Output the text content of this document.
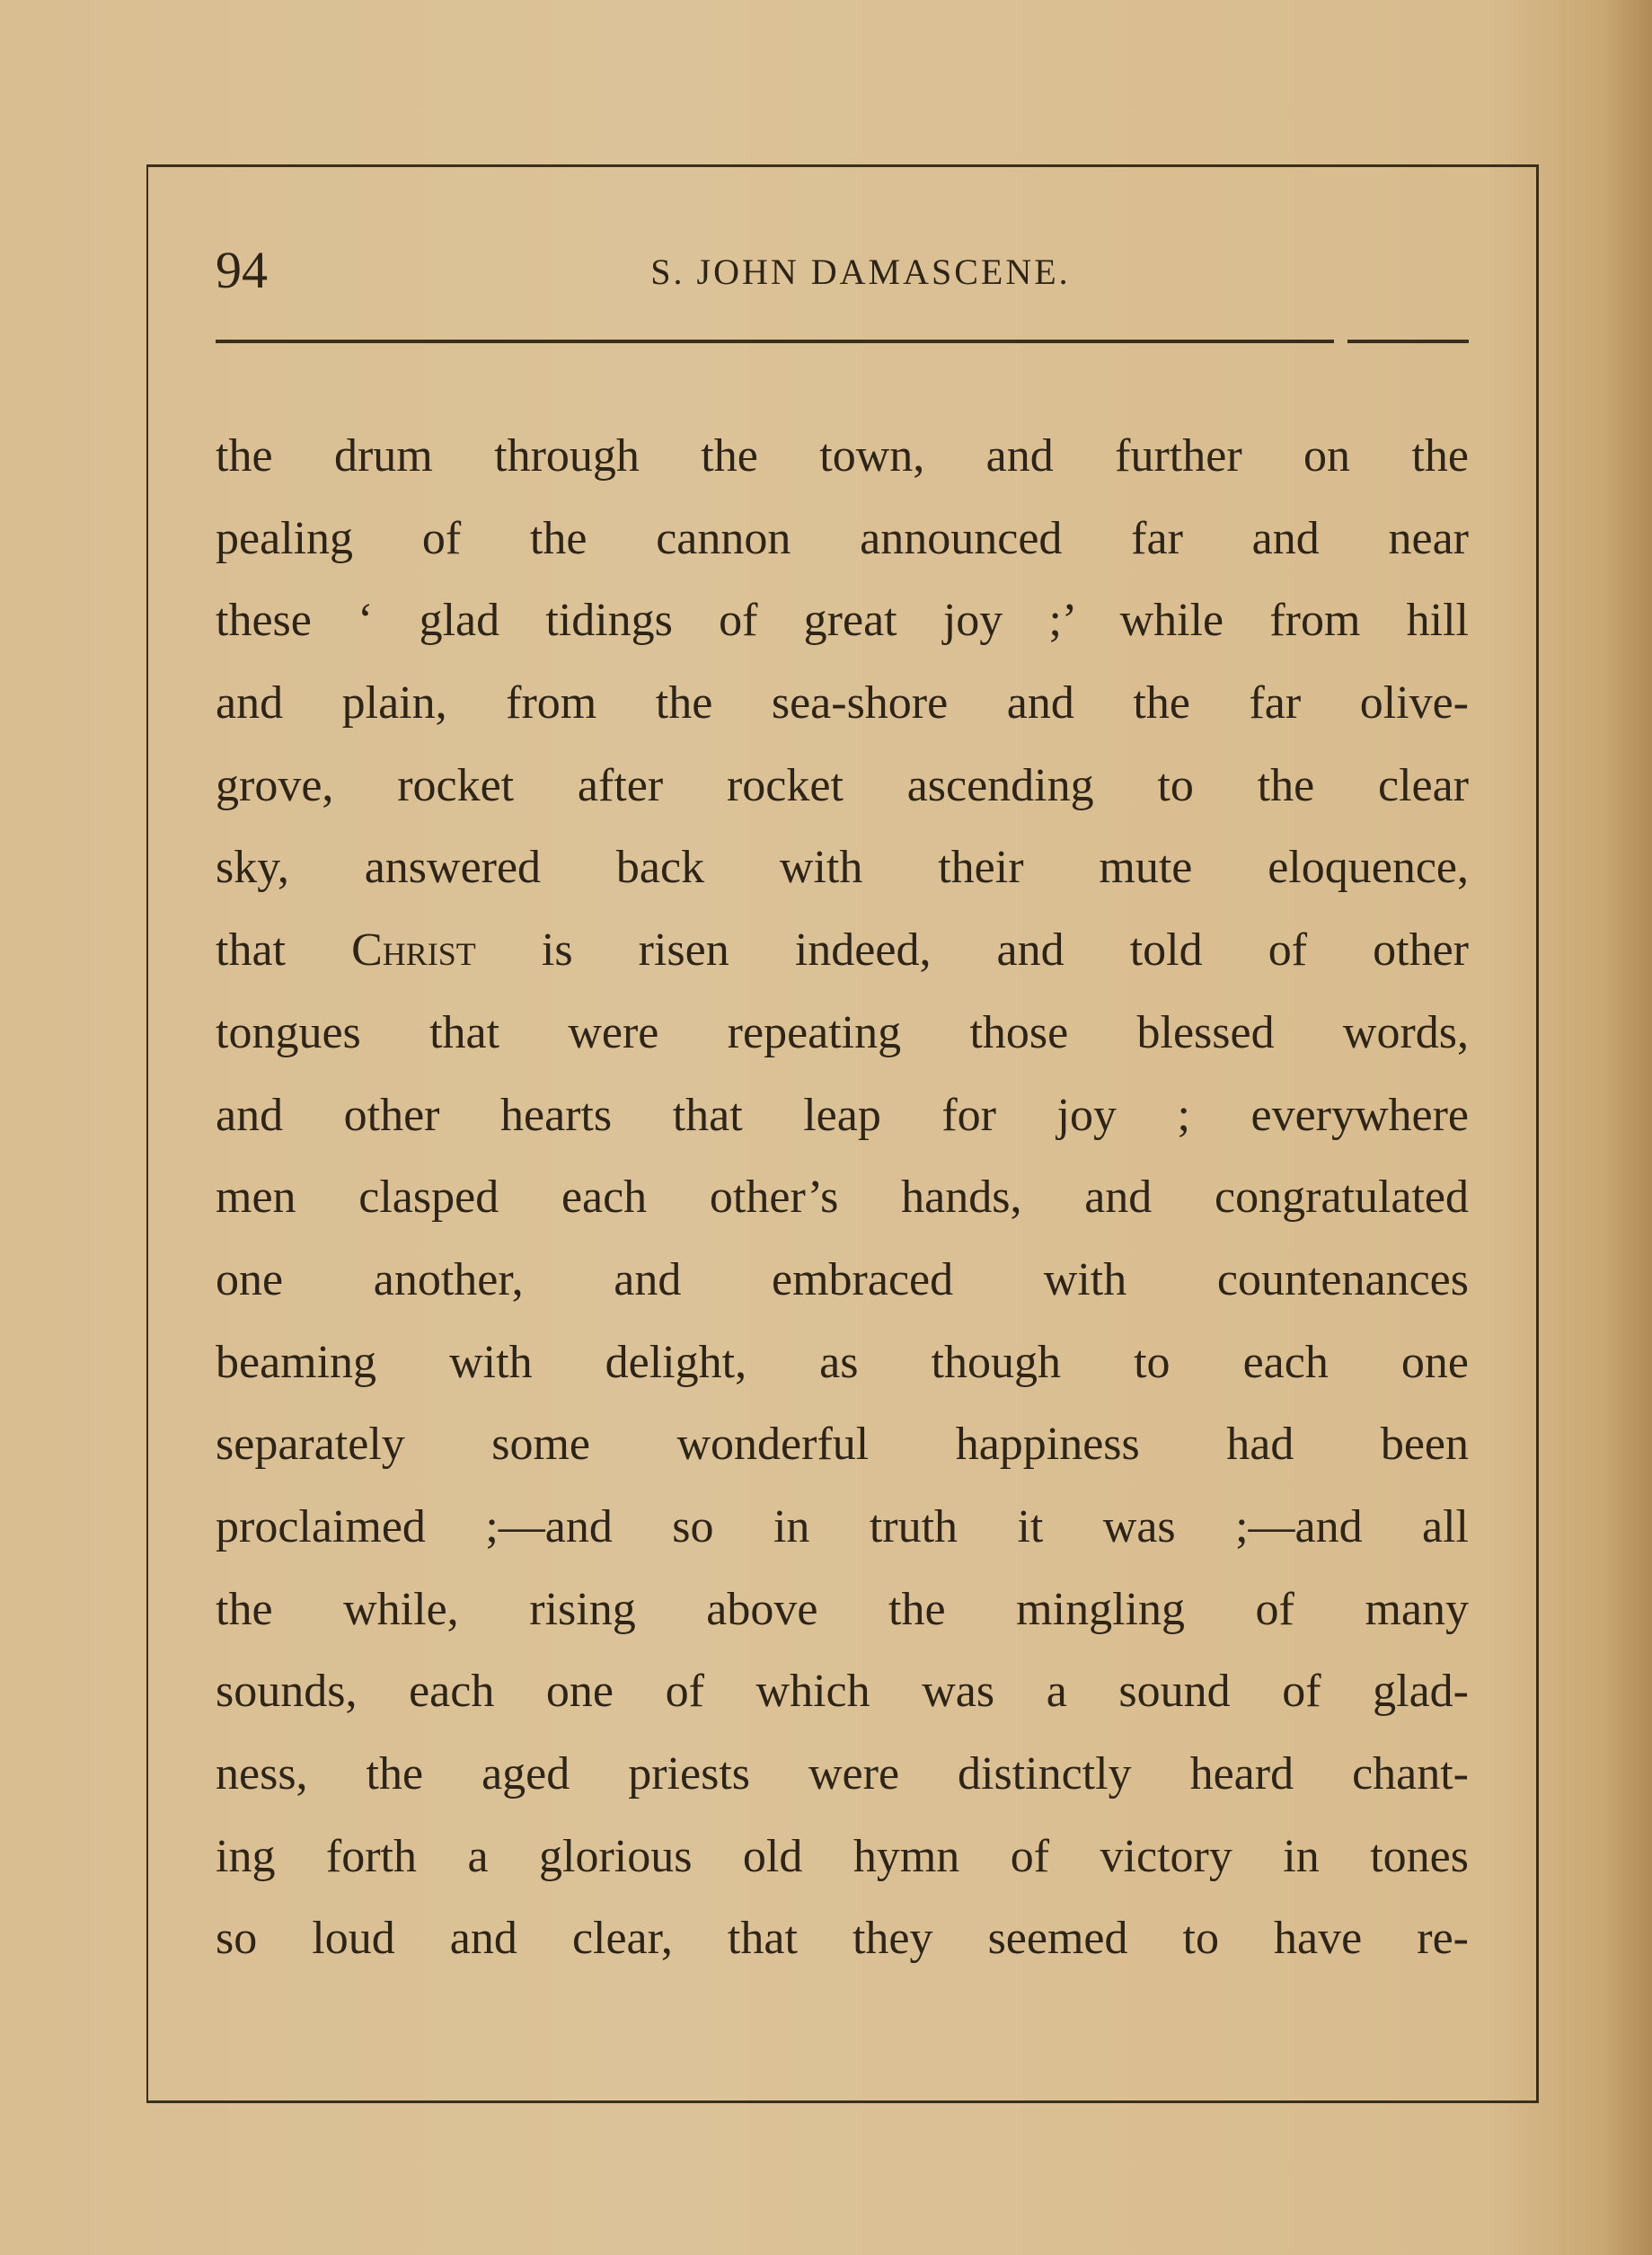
94	S. JOHN DAMASCENE.
the drum through the town, and further on the
pealing of the cannon announced far and near
these ‘ glad tidings of great joy ;’ while from hill
and plain, from the sea-shore and the far olive-
grove, rocket after rocket ascending to the clear
sky, answered back with their mute eloquence,
that Christ is risen indeed, and told of other
tongues that were repeating those blessed words,
and other hearts that leap for joy ; everywhere
men clasped each other’s hands, and congratulated
one another, and embraced with countenances
beaming with delight, as though to each one
separately some wonderful happiness had been
proclaimed ;—and so in truth it was ;—and all
the while, rising above the mingling of many
sounds, each one of which was a sound of glad-
ness, the aged priests were distinctly heard chant-
ing forth a glorious old hymn of victory in tones
so loud and clear, that they seemed to have re-
